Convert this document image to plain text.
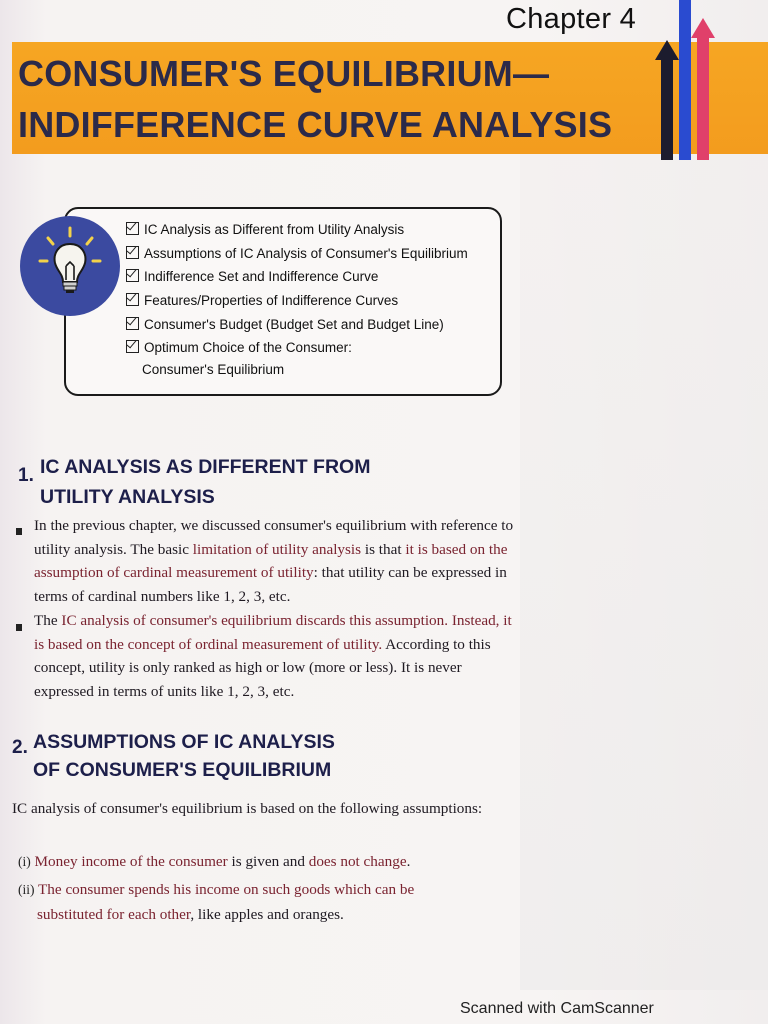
Chapter 4
CONSUMER'S EQUILIBRIUM—
INDIFFERENCE CURVE ANALYSIS
IC Analysis as Different from Utility Analysis
Assumptions of IC Analysis of Consumer's Equilibrium
Indifference Set and Indifference Curve
Features/Properties of Indifference Curves
Consumer's Budget (Budget Set and Budget Line)
Optimum Choice of the Consumer:
Consumer's Equilibrium
1. IC ANALYSIS AS DIFFERENT FROM
UTILITY ANALYSIS

In the previous chapter, we discussed consumer's equilibrium with reference to utility analysis. The basic limitation of utility analysis is that it is based on the assumption of cardinal measurement of utility: that utility can be expressed in terms of cardinal numbers like 1, 2, 3, etc.

The IC analysis of consumer's equilibrium discards this assumption. Instead, it is based on the concept of ordinal measurement of utility. According to this concept, utility is only ranked as high or low (more or less). It is never expressed in terms of units like 1, 2, 3, etc.

2. ASSUMPTIONS OF IC ANALYSIS
OF CONSUMER'S EQUILIBRIUM

IC analysis of consumer's equilibrium is based on the following assumptions:

(i) Money income of the consumer is given and does not change.
(ii) The consumer spends his income on such goods which can be
substituted for each other, like apples and oranges.
Scanned with CamScanner
